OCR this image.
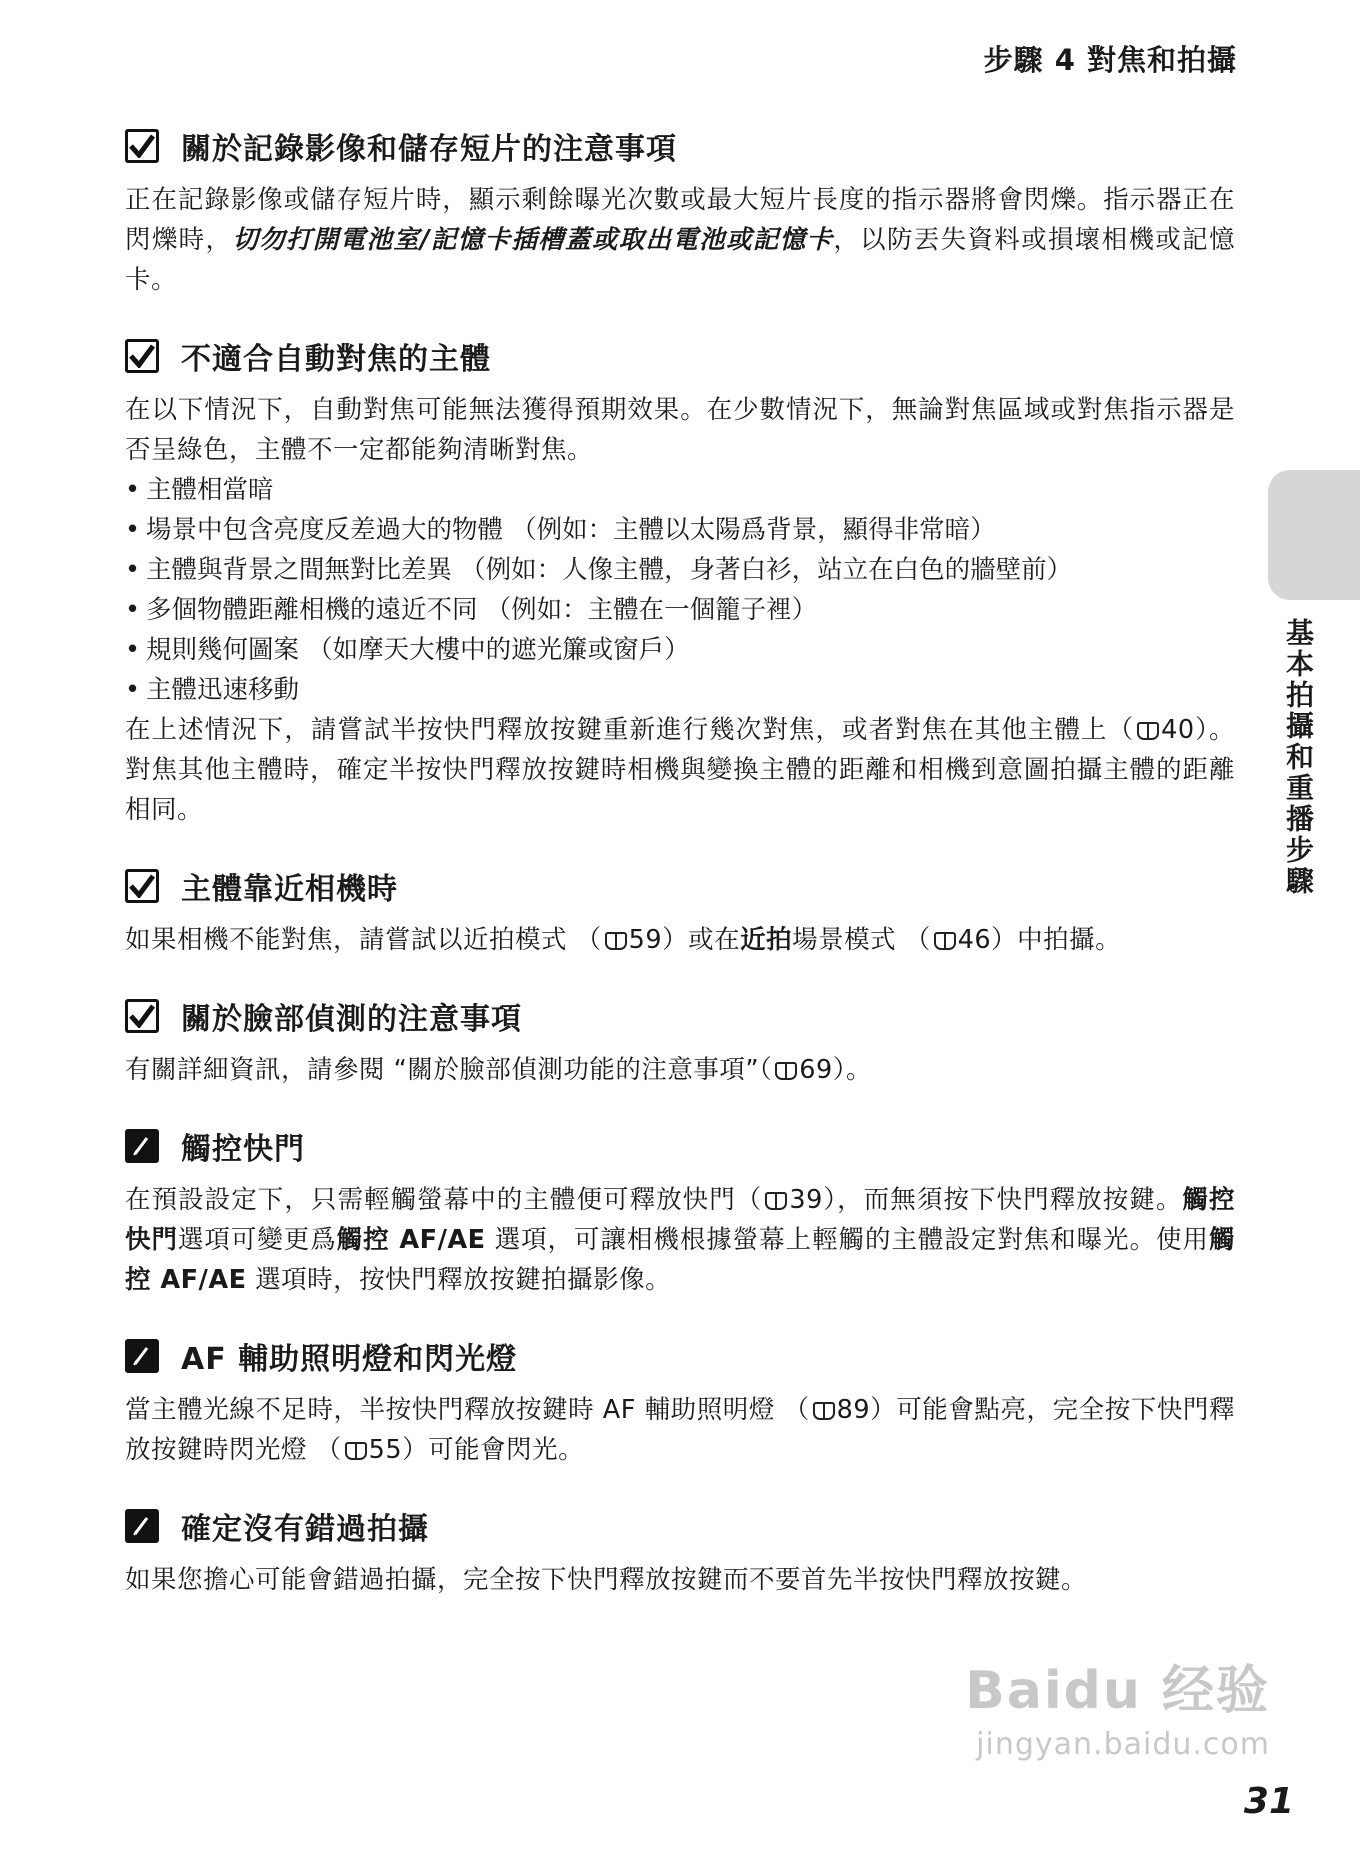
步驟 4 對焦和拍攝
基本拍攝和重播步驟
關於記錄影像和儲存短片的注意事項

正在記錄影像或儲存短片時，顯示剩餘曝光次數或最大短片長度的指示器將會閃爍。指示器正在閃爍時，切勿打開電池室/記憶卡插槽蓋或取出電池或記憶卡，以防丟失資料或損壞相機或記憶卡。

不適合自動對焦的主體

在以下情況下，自動對焦可能無法獲得預期效果。在少數情況下，無論對焦區域或對焦指示器是否呈綠色，主體不一定都能夠清晰對焦。

• 主體相當暗
• 場景中包含亮度反差過大的物體 （例如：主體以太陽爲背景，顯得非常暗）
• 主體與背景之間無對比差異 （例如：人像主體，身著白衫，站立在白色的牆壁前）
• 多個物體距離相機的遠近不同 （例如：主體在一個籠子裡）
• 規則幾何圖案 （如摩天大樓中的遮光簾或窗戶）
• 主體迅速移動

在上述情況下，請嘗試半按快門釋放按鍵重新進行幾次對焦，或者對焦在其他主體上（ 40）。對焦其他主體時，確定半按快門釋放按鍵時相機與變換主體的距離和相機到意圖拍攝主體的距離相同。

主體靠近相機時

如果相機不能對焦，請嘗試以近拍模式 （ 59）或在近拍場景模式 （ 46）中拍攝。

關於臉部偵測的注意事項

有關詳細資訊，請參閱 “關於臉部偵測功能的注意事項”（ 69）。

觸控快門

在預設設定下，只需輕觸螢幕中的主體便可釋放快門（ 39），而無須按下快門釋放按鍵。觸控快門選項可變更爲觸控 AF/AE 選項，可讓相機根據螢幕上輕觸的主體設定對焦和曝光。使用觸控 AF/AE 選項時，按快門釋放按鍵拍攝影像。

AF 輔助照明燈和閃光燈

當主體光線不足時，半按快門釋放按鍵時 AF 輔助照明燈 （ 89）可能會點亮，完全按下快門釋放按鍵時閃光燈 （ 55）可能會閃光。

確定沒有錯過拍攝

如果您擔心可能會錯過拍攝，完全按下快門釋放按鍵而不要首先半按快門釋放按鍵。

Baidu 经验
jingyan.baidu.com
31
